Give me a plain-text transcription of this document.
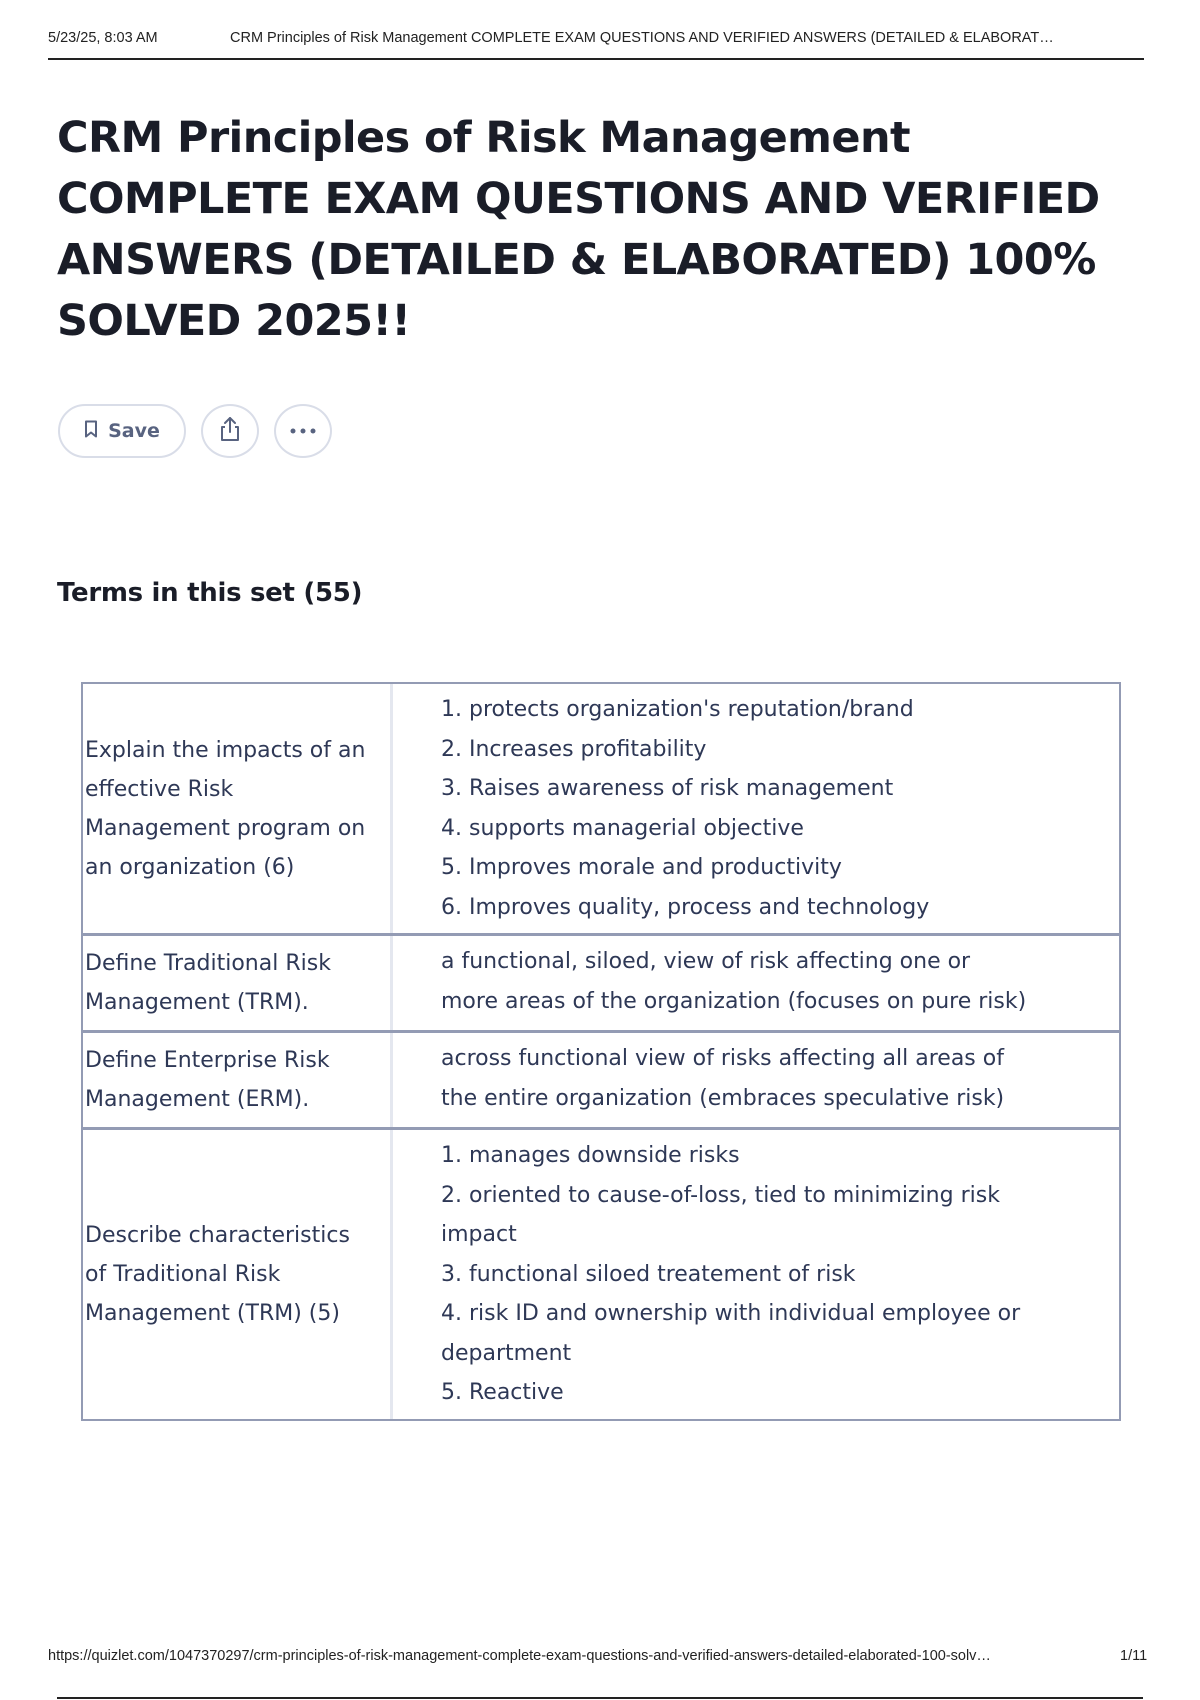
5/23/25, 8:03 AM	CRM Principles of Risk Management COMPLETE EXAM QUESTIONS AND VERIFIED ANSWERS (DETAILED & ELABORAT…
CRM Principles of Risk Management COMPLETE EXAM QUESTIONS AND VERIFIED ANSWERS (DETAILED & ELABORATED) 100% SOLVED 2025!!
Save
Terms in this set (55)
Explain the impacts of an effective Risk Management program on an organization (6)
1. protects organization's reputation/brand
2. Increases profitability
3. Raises awareness of risk management
4. supports managerial objective
5. Improves morale and productivity
6. Improves quality, process and technology
Define Traditional Risk Management (TRM).
a functional, siloed, view of risk affecting one or more areas of the organization (focuses on pure risk)
Define Enterprise Risk Management (ERM).
across functional view of risks affecting all areas of the entire organization (embraces speculative risk)
Describe characteristics of Traditional Risk Management (TRM) (5)
1. manages downside risks
2. oriented to cause-of-loss, tied to minimizing risk impact
3. functional siloed treatement of risk
4. risk ID and ownership with individual employee or department
5. Reactive
https://quizlet.com/1047370297/crm-principles-of-risk-management-complete-exam-questions-and-verified-answers-detailed-elaborated-100-solv…	1/11
